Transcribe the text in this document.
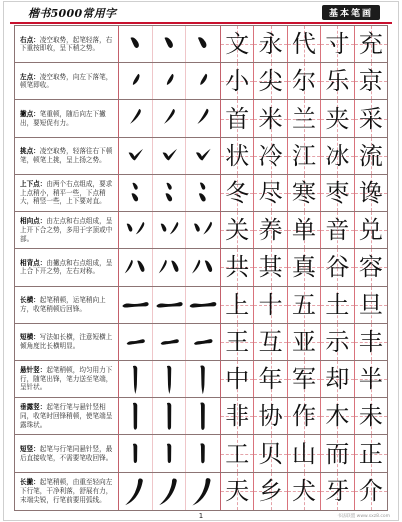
楷书5000常用字	基本笔画
右点：凌空取势，起笔轻落，右下重按即收，呈下稍之势。	文 永 代 寸 充
左点：凌空取势，向左下落笔，顿笔即收。	小 尖 尔 乐 京
撇点：笔重顿，随后向左下撇出，要短促有力。	首 米 兰 夹 采
挑点：凌空取势，轻落往右下顿笔，顿笔上挑，呈上扬之势。	状 冷 江 冰 流
上下点：由两个右点组成，要求上点稍小，稍平一些，下点稍大，稍竖一些，上下要对直。	冬 尽 寒 枣 谗
相向点：由左点和右点组成，呈上开下合之势，多用于字顶或中部。	关 养 单 音 兑
相背点：由撇点和右点组成，呈上合下开之势，左右对称。	共 其 真 谷 容
长横：起笔稍顿，运笔稍向上方，收笔稍顿后回锋。	上 十 五 土 旦
短横：写法如长横，注意短横上倾角度比长横明显。	王 互 亚 示 丰
悬针竖：起笔稍顿，均匀用力下行，随笔出锋，笔力送至笔端，呈针状。	中 年 军 却 半
垂露竖：起笔行笔与悬针竖相同，收笔时回锋稍顿，使笔端呈露珠状。	非 协 作 木 未
短竖：起笔与行笔同悬针竖，最后直接收笔，不需要笔收回锋。	工 贝 山 而 正
长撇：起笔稍顿，由重至轻向左下行笔，干净利落，舒展有力，末端尖锐，行笔前要用弧线。	天 乡 犬 牙 介
1	书法联盟 www.sxz8.com
